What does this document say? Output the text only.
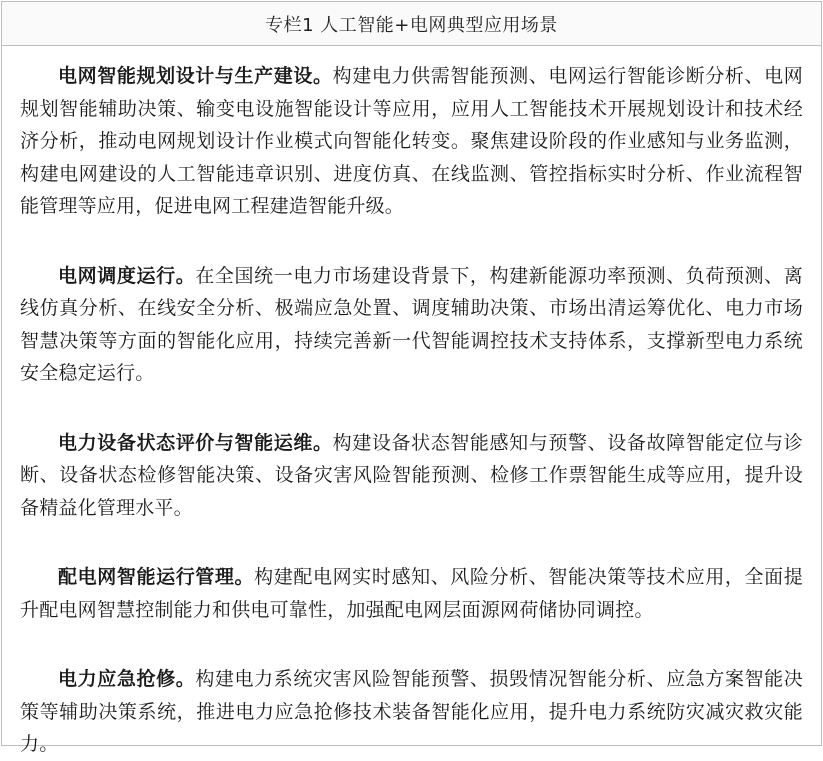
专栏1 人工智能+电网典型应用场景

电网智能规划设计与生产建设。构建电力供需智能预测、电网运行智能诊断分析、电网规划智能辅助决策、输变电设施智能设计等应用，应用人工智能技术开展规划设计和技术经济分析，推动电网规划设计作业模式向智能化转变。聚焦建设阶段的作业感知与业务监测，构建电网建设的人工智能违章识别、进度仿真、在线监测、管控指标实时分析、作业流程智能管理等应用，促进电网工程建造智能升级。

电网调度运行。在全国统一电力市场建设背景下，构建新能源功率预测、负荷预测、离线仿真分析、在线安全分析、极端应急处置、调度辅助决策、市场出清运筹优化、电力市场智慧决策等方面的智能化应用，持续完善新一代智能调控技术支持体系，支撑新型电力系统安全稳定运行。

电力设备状态评价与智能运维。构建设备状态智能感知与预警、设备故障智能定位与诊断、设备状态检修智能决策、设备灾害风险智能预测、检修工作票智能生成等应用，提升设备精益化管理水平。

配电网智能运行管理。构建配电网实时感知、风险分析、智能决策等技术应用，全面提升配电网智慧控制能力和供电可靠性，加强配电网层面源网荷储协同调控。

电力应急抢修。构建电力系统灾害风险智能预警、损毁情况智能分析、应急方案智能决策等辅助决策系统，推进电力应急抢修技术装备智能化应用，提升电力系统防灾减灾救灾能力。
